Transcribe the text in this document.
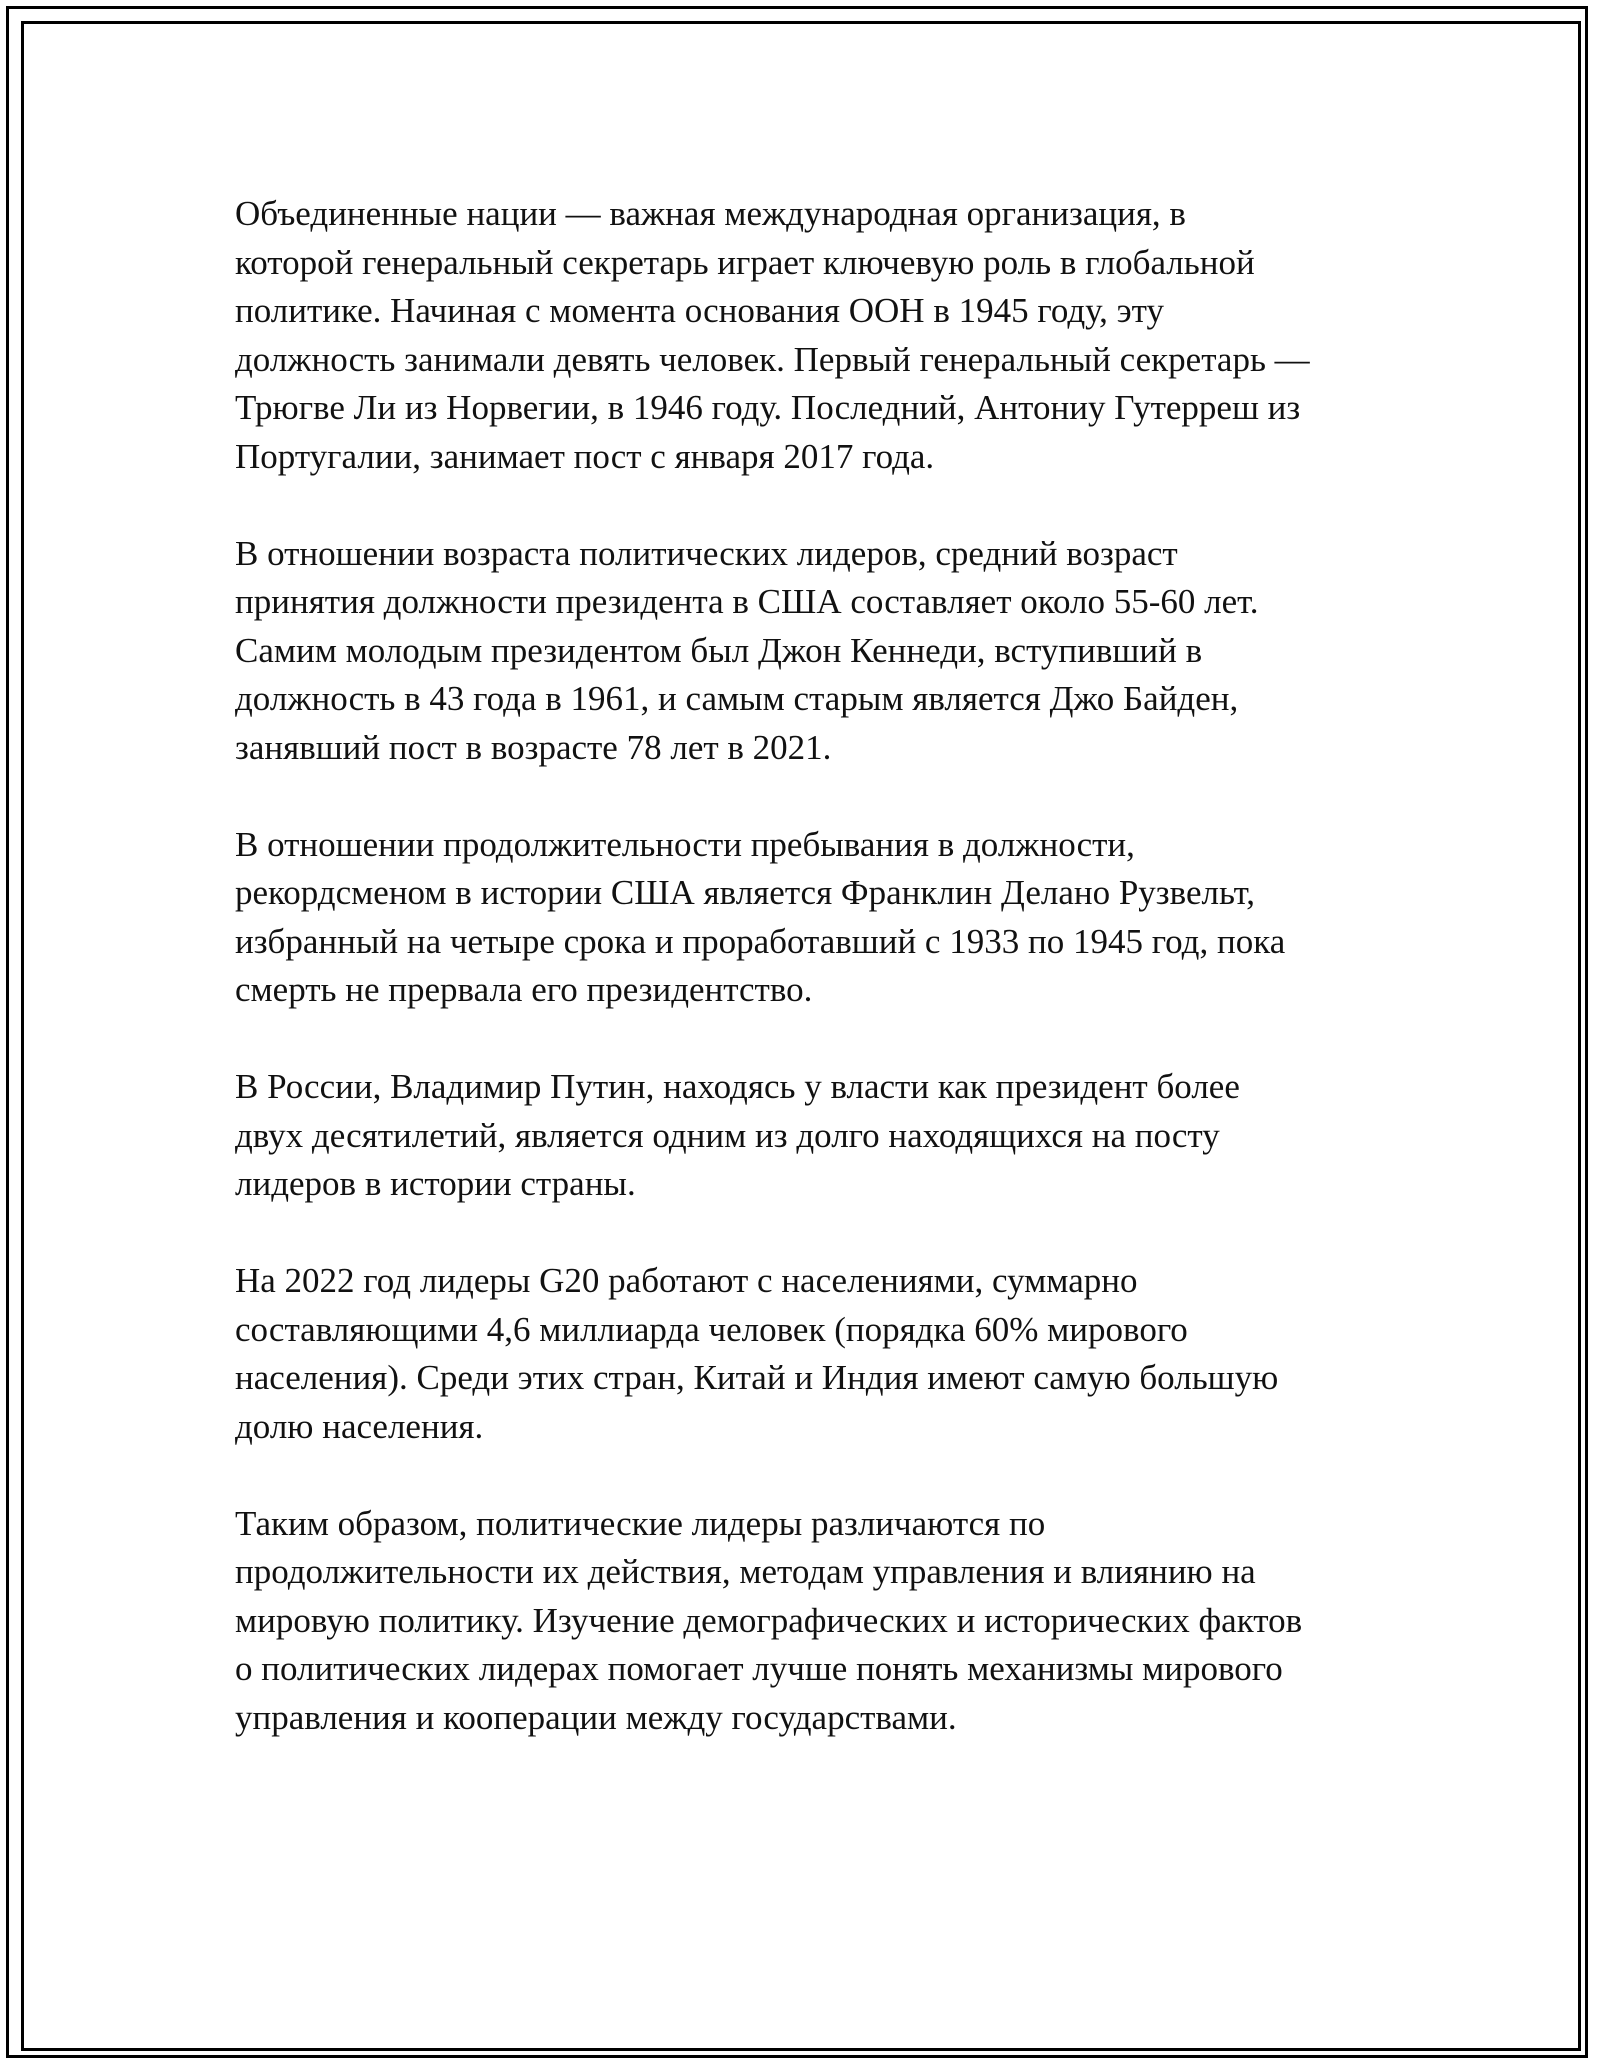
Объединенные нации — важная международная организация, в
которой генеральный секретарь играет ключевую роль в глобальной
политике. Начиная с момента основания ООН в 1945 году, эту
должность занимали девять человек. Первый генеральный секретарь —
Трюгве Ли из Норвегии, в 1946 году. Последний, Антониу Гутерреш из
Португалии, занимает пост с января 2017 года.

В отношении возраста политических лидеров, средний возраст
принятия должности президента в США составляет около 55-60 лет.
Самим молодым президентом был Джон Кеннеди, вступивший в
должность в 43 года в 1961, и самым старым является Джо Байден,
занявший пост в возрасте 78 лет в 2021.

В отношении продолжительности пребывания в должности,
рекордсменом в истории США является Франклин Делано Рузвельт,
избранный на четыре срока и проработавший с 1933 по 1945 год, пока
смерть не прервала его президентство.

В России, Владимир Путин, находясь у власти как президент более
двух десятилетий, является одним из долго находящихся на посту
лидеров в истории страны.

На 2022 год лидеры G20 работают с населениями, суммарно
составляющими 4,6 миллиарда человек (порядка 60% мирового
населения). Среди этих стран, Китай и Индия имеют самую большую
долю населения.

Таким образом, политические лидеры различаются по
продолжительности их действия, методам управления и влиянию на
мировую политику. Изучение демографических и исторических фактов
о политических лидерах помогает лучше понять механизмы мирового
управления и кооперации между государствами.
